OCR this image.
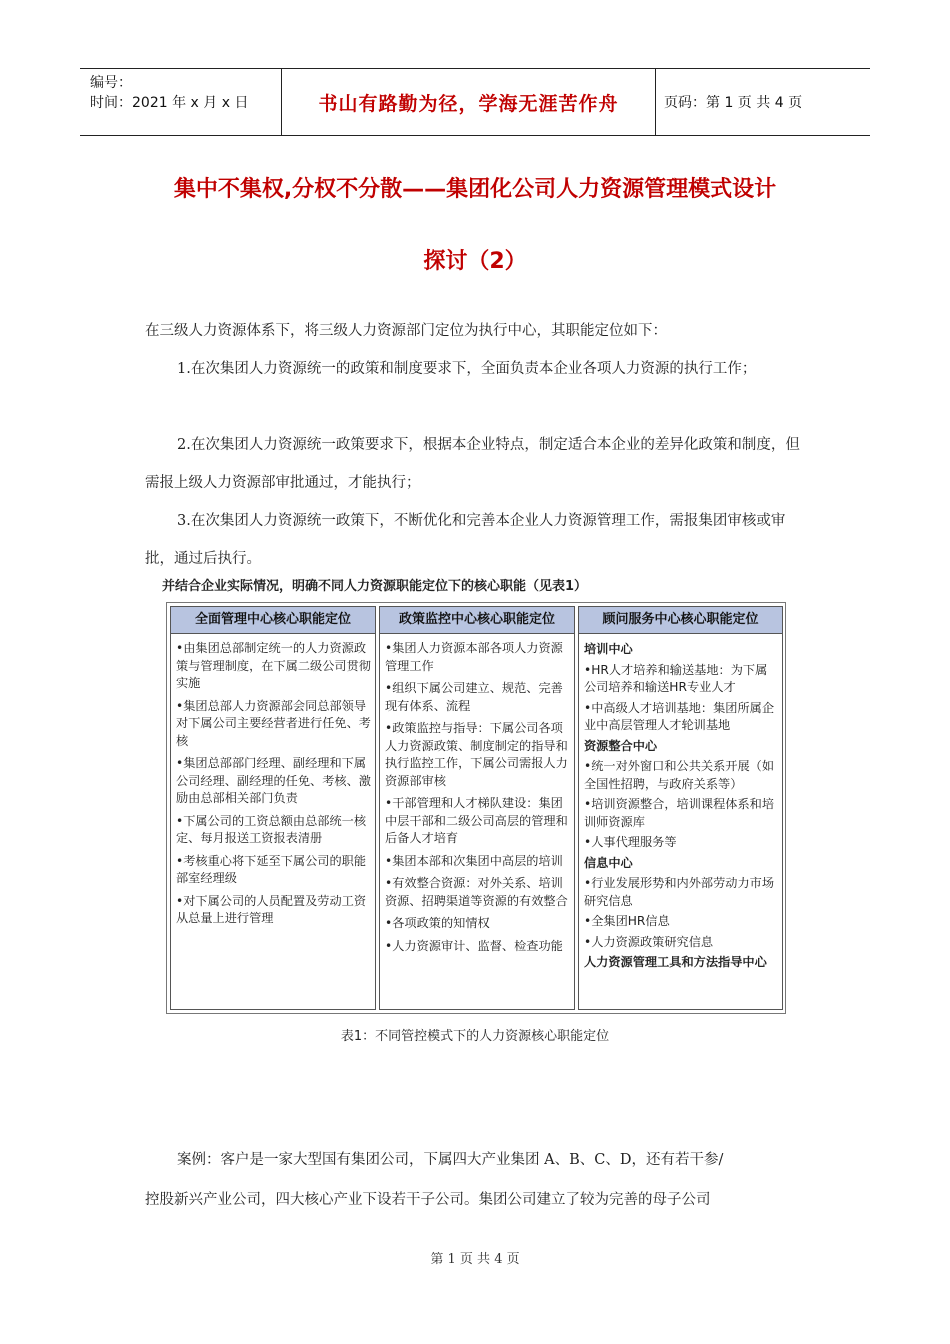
编号：
时间：2021 年 x 月 x 日	书山有路勤为径，学海无涯苦作舟	页码：第 1 页 共 4 页
集中不集权,分权不分散——集团化公司人力资源管理模式设计
探讨（2）
在三级人力资源体系下，将三级人力资源部门定位为执行中心，其职能定位如下：
1.在次集团人力资源统一的政策和制度要求下，全面负责本企业各项人力资源的执行工作；
2.在次集团人力资源统一政策要求下，根据本企业特点，制定适合本企业的差异化政策和制度，但需报上级人力资源部审批通过，才能执行；
3.在次集团人力资源统一政策下，不断优化和完善本企业人力资源管理工作，需报集团审核或审批，通过后执行。
并结合企业实际情况，明确不同人力资源职能定位下的核心职能（见表1）
全面管理中心核心职能定位
•由集团总部制定统一的人力资源政策与管理制度，在下属二级公司贯彻实施
•集团总部人力资源部会同总部领导对下属公司主要经营者进行任免、考核
•集团总部部门经理、副经理和下属公司经理、副经理的任免、考核、激励由总部相关部门负责
•下属公司的工资总额由总部统一核定、每月报送工资报表清册
•考核重心将下延至下属公司的职能部室经理级
•对下属公司的人员配置及劳动工资从总量上进行管理
政策监控中心核心职能定位
•集团人力资源本部各项人力资源管理工作
•组织下属公司建立、规范、完善现有体系、流程
•政策监控与指导：下属公司各项人力资源政策、制度制定的指导和执行监控工作，下属公司需报人力资源部审核
•干部管理和人才梯队建设：集团中层干部和二级公司高层的管理和后备人才培育
•集团本部和次集团中高层的培训
•有效整合资源：对外关系、培训资源、招聘渠道等资源的有效整合
•各项政策的知情权
•人力资源审计、监督、检查功能
顾问服务中心核心职能定位
培训中心
•HR人才培养和输送基地：为下属公司培养和输送HR专业人才
•中高级人才培训基地：集团所属企业中高层管理人才轮训基地
资源整合中心
•统一对外窗口和公共关系开展（如全国性招聘，与政府关系等）
•培训资源整合，培训课程体系和培训师资源库
•人事代理服务等
信息中心
•行业发展形势和内外部劳动力市场研究信息
•全集团HR信息
•人力资源政策研究信息
人力资源管理工具和方法指导中心
表1：不同管控模式下的人力资源核心职能定位
案例：客户是一家大型国有集团公司，下属四大产业集团 A、B、C、D，还有若干参/
控股新兴产业公司，四大核心产业下设若干子公司。集团公司建立了较为完善的母子公司
第 1 页 共 4 页
